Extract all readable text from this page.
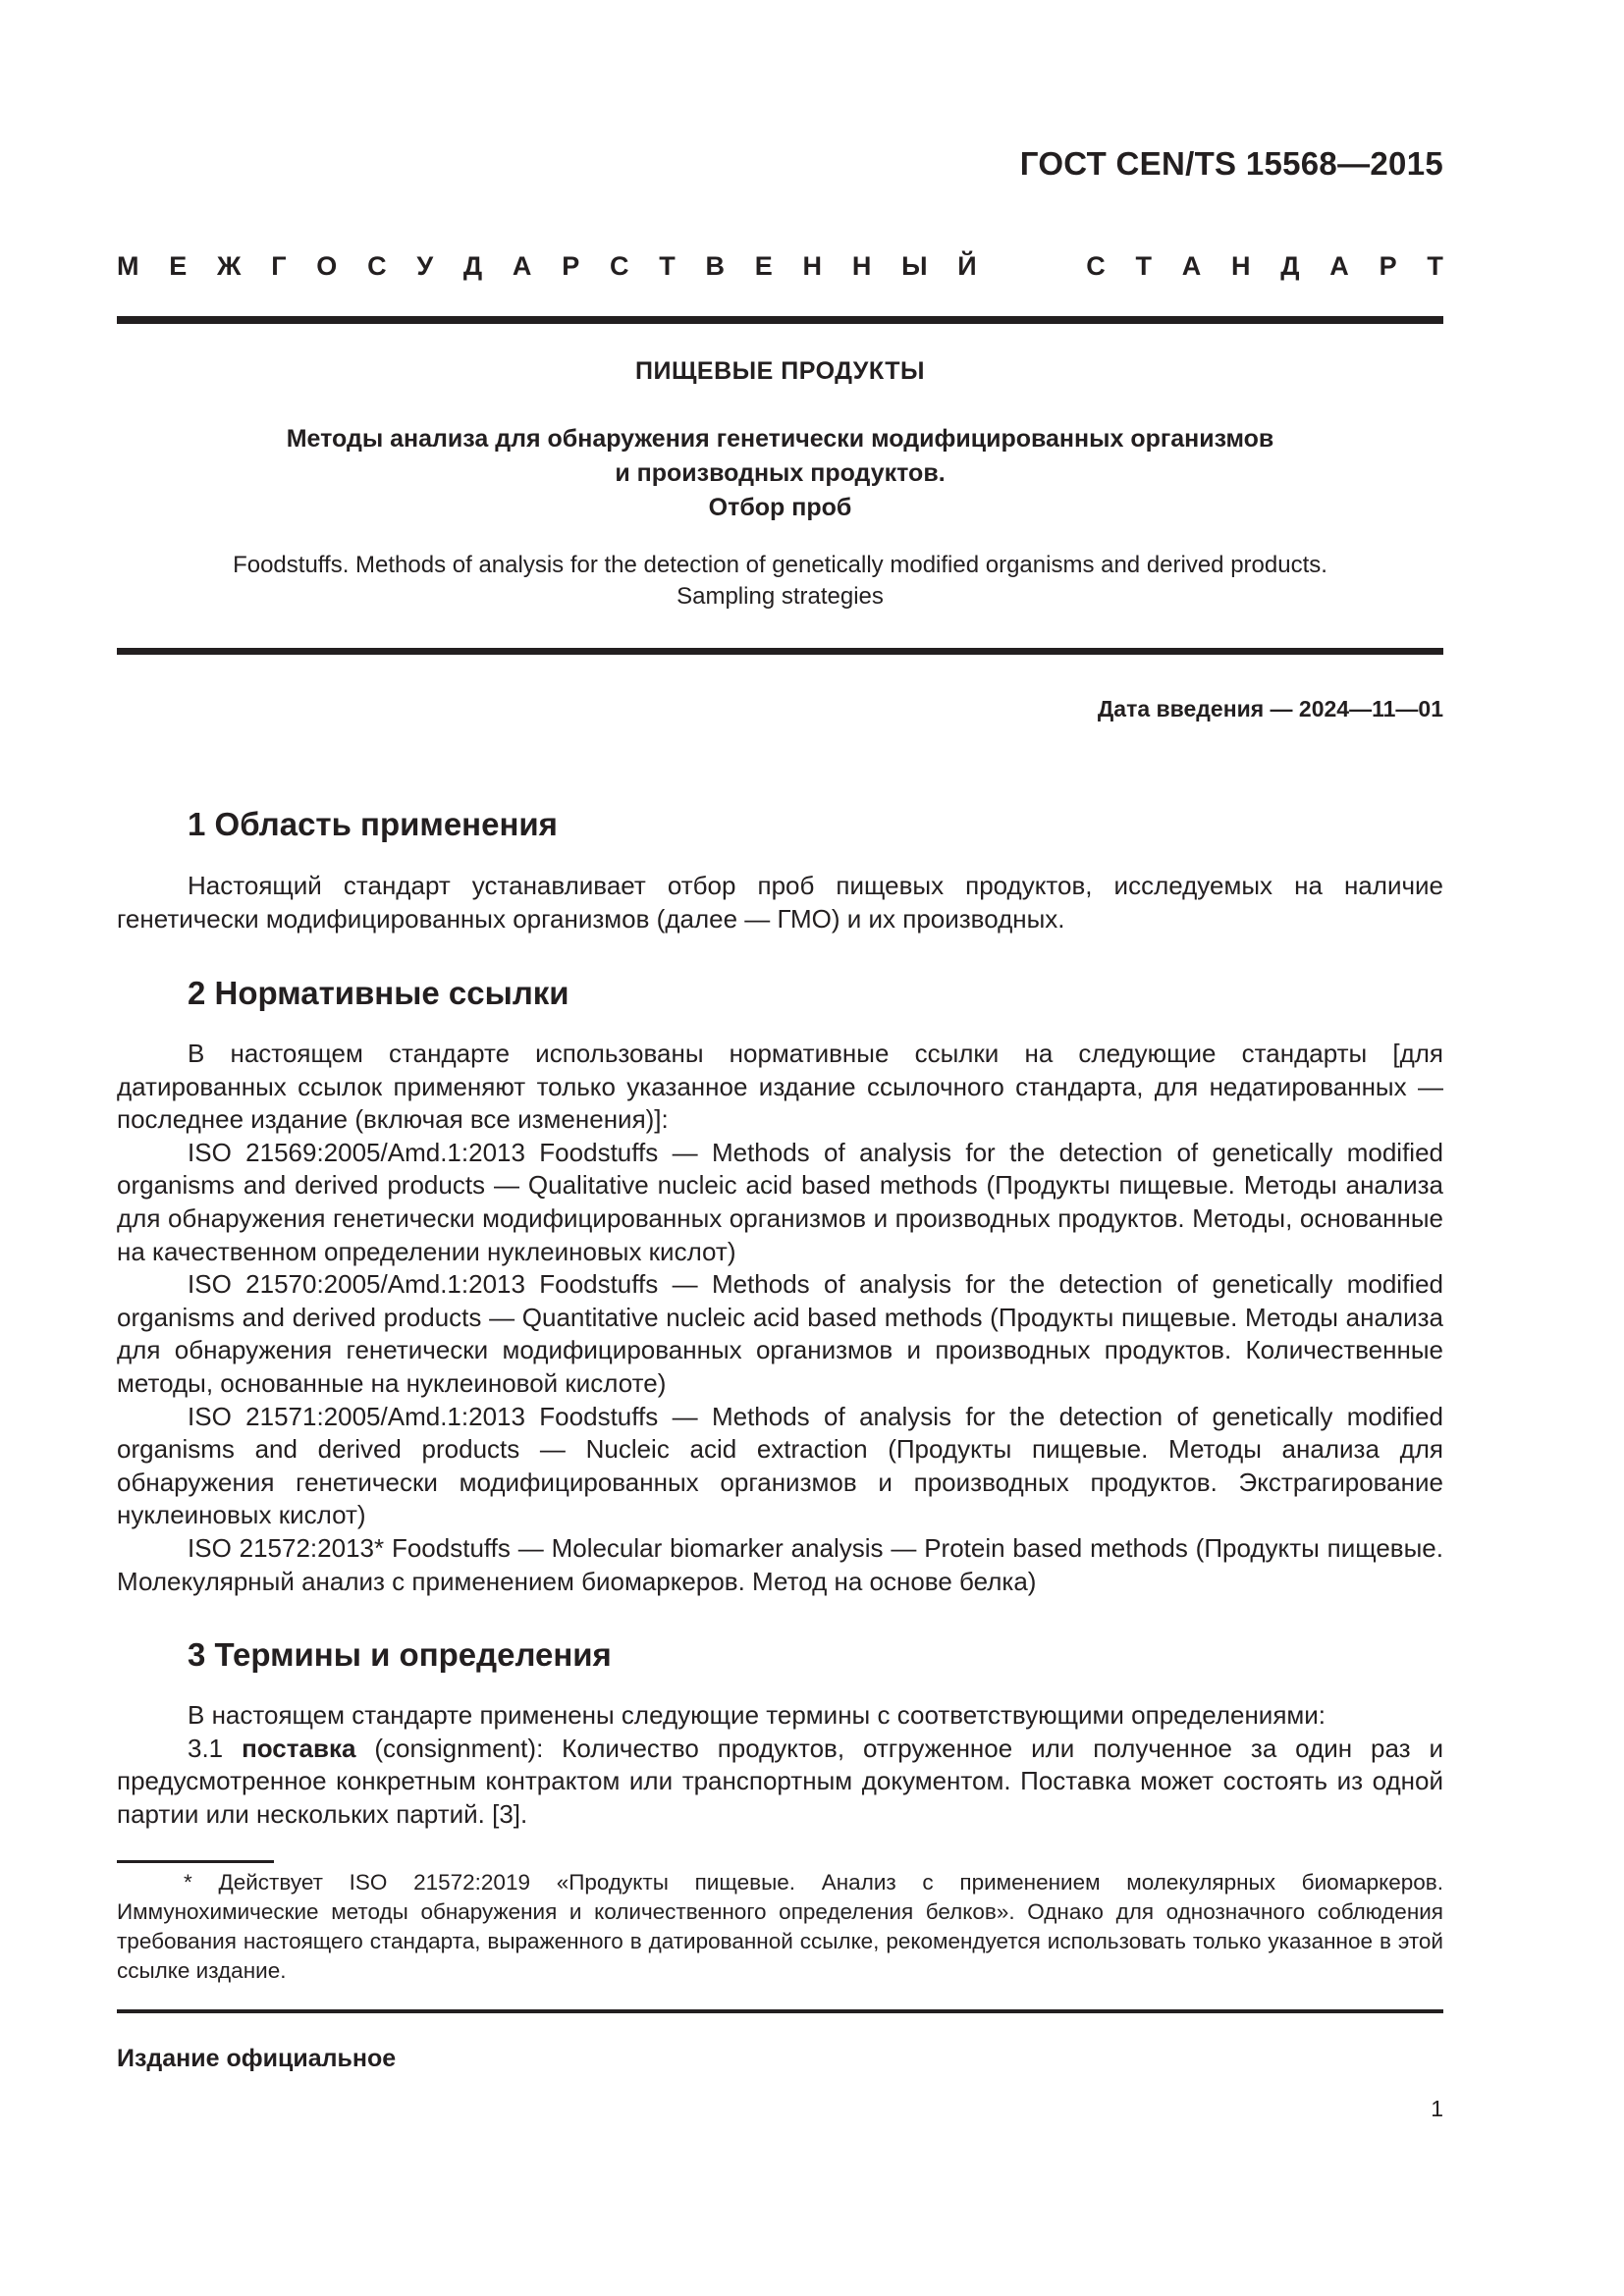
ГОСТ CEN/TS 15568—2015
М Е Ж Г О С У Д А Р С Т В Е Н Н Ы Й	С Т А Н Д А Р Т
ПИЩЕВЫЕ ПРОДУКТЫ
Методы анализа для обнаружения генетически модифицированных организмов
и производных продуктов.
Отбор проб
Foodstuffs. Methods of analysis for the detection of genetically modified organisms and derived products.
Sampling strategies
Дата введения — 2024—11—01
1 Область применения

Настоящий стандарт устанавливает отбор проб пищевых продуктов, исследуемых на наличие генетически модифицированных организмов (далее — ГМО) и их производных.

2 Нормативные ссылки

В настоящем стандарте использованы нормативные ссылки на следующие стандарты [для датированных ссылок применяют только указанное издание ссылочного стандарта, для недатированных — последнее издание (включая все изменения)]:

ISO 21569:2005/Amd.1:2013 Foodstuffs — Methods of analysis for the detection of genetically modified organisms and derived products — Qualitative nucleic acid based methods (Продукты пищевые. Методы анализа для обнаружения генетически модифицированных организмов и производных продуктов. Методы, основанные на качественном определении нуклеиновых кислот)

ISO 21570:2005/Amd.1:2013 Foodstuffs — Methods of analysis for the detection of genetically modified organisms and derived products — Quantitative nucleic acid based methods (Продукты пищевые. Методы анализа для обнаружения генетически модифицированных организмов и производных продуктов. Количественные методы, основанные на нуклеиновой кислоте)

ISO 21571:2005/Amd.1:2013 Foodstuffs — Methods of analysis for the detection of genetically modified organisms and derived products — Nucleic acid extraction (Продукты пищевые. Методы анализа для обнаружения генетически модифицированных организмов и производных продуктов. Экстрагирование нуклеиновых кислот)

ISO 21572:2013* Foodstuffs — Molecular biomarker analysis — Protein based methods (Продукты пищевые. Молекулярный анализ с применением биомаркеров. Метод на основе белка)

3 Термины и определения

В настоящем стандарте применены следующие термины с соответствующими определениями:

3.1 поставка (consignment): Количество продуктов, отгруженное или полученное за один раз и предусмотренное конкретным контрактом или транспортным документом. Поставка может состоять из одной партии или нескольких партий. [3].

* Действует ISO 21572:2019 «Продукты пищевые. Анализ с применением молекулярных биомаркеров. Иммунохимические методы обнаружения и количественного определения белков». Однако для однозначного соблюдения требования настоящего стандарта, выраженного в датированной ссылке, рекомендуется использовать только указанное в этой ссылке издание.

Издание официальное
1
